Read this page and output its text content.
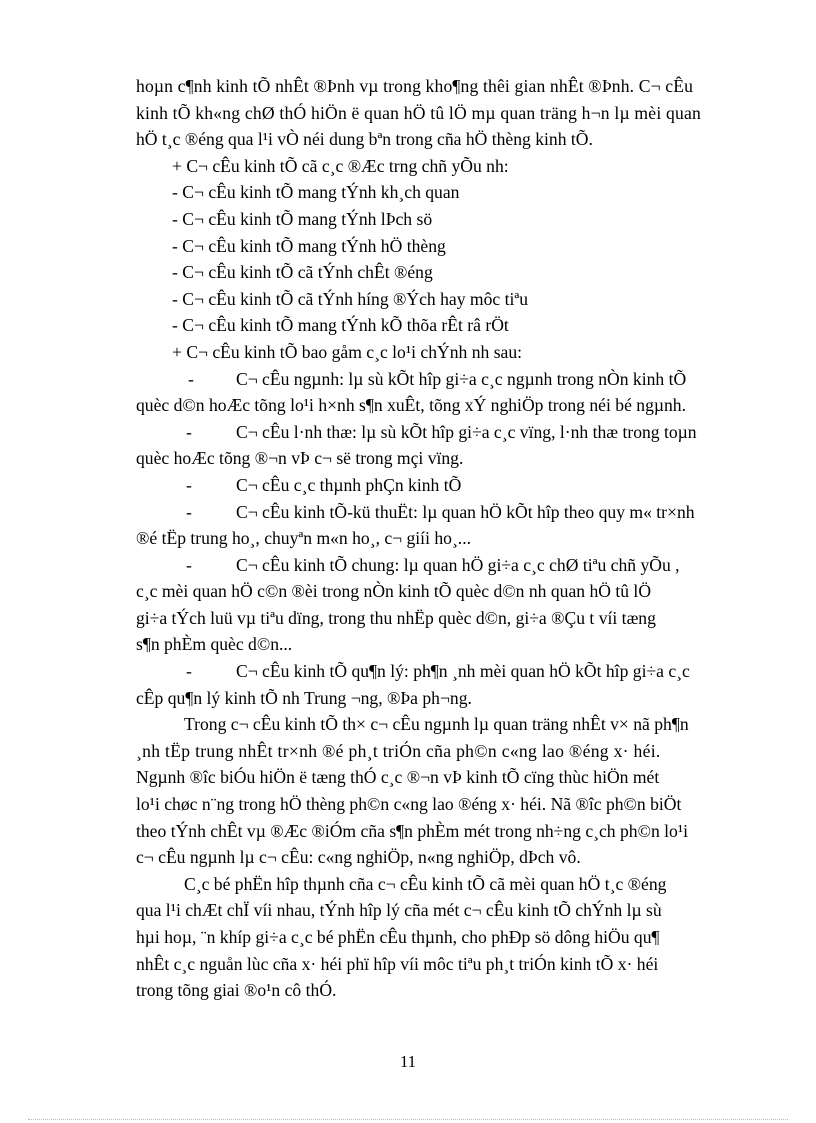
hoµn c¶nh kinh tÕ nhÊt ®Þnh vµ trong kho¶ng thêi gian nhÊt ®Þnh. C¬ cÊu

kinh tÕ kh«ng chØ thÓ hiÖn ë quan hÖ tû lÖ mµ quan träng h¬n lµ mèi quan

hÖ t¸c ®éng qua l¹i vÒ néi dung bªn trong cña hÖ thèng kinh tÕ.

+ C¬ cÊu kinh tÕ cã c¸c ®Æc trng chñ yÕu nh:

- C¬ cÊu kinh tÕ mang tÝnh kh¸ch quan

- C¬ cÊu kinh tÕ mang tÝnh lÞch sö

- C¬ cÊu kinh tÕ mang tÝnh hÖ thèng

- C¬ cÊu kinh tÕ cã tÝnh chÊt ®éng

- C¬ cÊu kinh tÕ cã tÝnh híng ®Ých hay môc tiªu

- C¬ cÊu kinh tÕ mang tÝnh kÕ thõa rÊt râ rÖt

+ C¬ cÊu kinh tÕ bao gåm c¸c lo¹i chÝnh nh sau:

- C¬ cÊu ngµnh: lµ sù kÕt hîp gi÷a c¸c ngµnh trong nÒn kinh tÕ

quèc d©n hoÆc tõng lo¹i h×nh s¶n xuÊt, tõng xÝ nghiÖp trong néi bé ngµnh.

-	C¬ cÊu l·nh thæ: lµ sù kÕt hîp gi÷a c¸c vïng, l·nh thæ trong toµn

quèc hoÆc tõng ®¬n vÞ c¬ së trong mçi vïng.

-	C¬ cÊu c¸c thµnh phÇn kinh tÕ

-	C¬ cÊu kinh tÕ-kü thuËt: lµ quan hÖ kÕt hîp theo quy m« tr×nh

®é tËp trung ho¸, chuyªn m«n ho¸, c¬ giíi ho¸...

-	C¬ cÊu kinh tÕ chung: lµ quan hÖ gi÷a c¸c chØ tiªu chñ yÕu ,

c¸c mèi quan hÖ c©n ®èi trong nÒn kinh tÕ quèc d©n nh quan hÖ tû lÖ

gi÷a tÝch luü vµ tiªu dïng, trong thu nhËp quèc d©n, gi÷a ®Çu t víi tæng

s¶n phÈm quèc d©n...

-	C¬ cÊu kinh tÕ qu¶n lý: ph¶n ¸nh mèi quan hÖ kÕt hîp gi÷a c¸c

cÊp qu¶n lý kinh tÕ nh Trung ¬ng, ®Þa ph¬ng.

Trong c¬ cÊu kinh tÕ th× c¬ cÊu ngµnh lµ quan träng nhÊt v× nã ph¶n

¸nh tËp trung nhÊt tr×nh ®é ph¸t triÓn cña ph©n c«ng lao ®éng x· héi.

Ngµnh ®îc biÓu hiÖn ë tæng thÓ c¸c ®¬n vÞ kinh tÕ cïng thùc hiÖn mét

lo¹i chøc n¨ng trong hÖ thèng ph©n c«ng lao ®éng x· héi. Nã ®îc ph©n biÖt

theo tÝnh chÊt vµ ®Æc ®iÓm cña s¶n phÈm mét trong nh÷ng c¸ch ph©n lo¹i

c¬ cÊu ngµnh lµ c¬ cÊu: c«ng nghiÖp, n«ng nghiÖp, dÞch vô.

C¸c bé phËn hîp thµnh cña c¬ cÊu kinh tÕ cã mèi quan hÖ t¸c ®éng

qua l¹i chÆt chÏ víi nhau, tÝnh hîp lý cña mét c¬ cÊu kinh tÕ chÝnh lµ sù

hµi hoµ, ¨n khíp gi÷a c¸c bé phËn cÊu thµnh, cho phÐp sö dông hiÖu qu¶

nhÊt c¸c nguån lùc cña x· héi phï hîp víi môc tiªu ph¸t triÓn kinh tÕ x· héi

trong tõng giai ®o¹n cô thÓ.

11
